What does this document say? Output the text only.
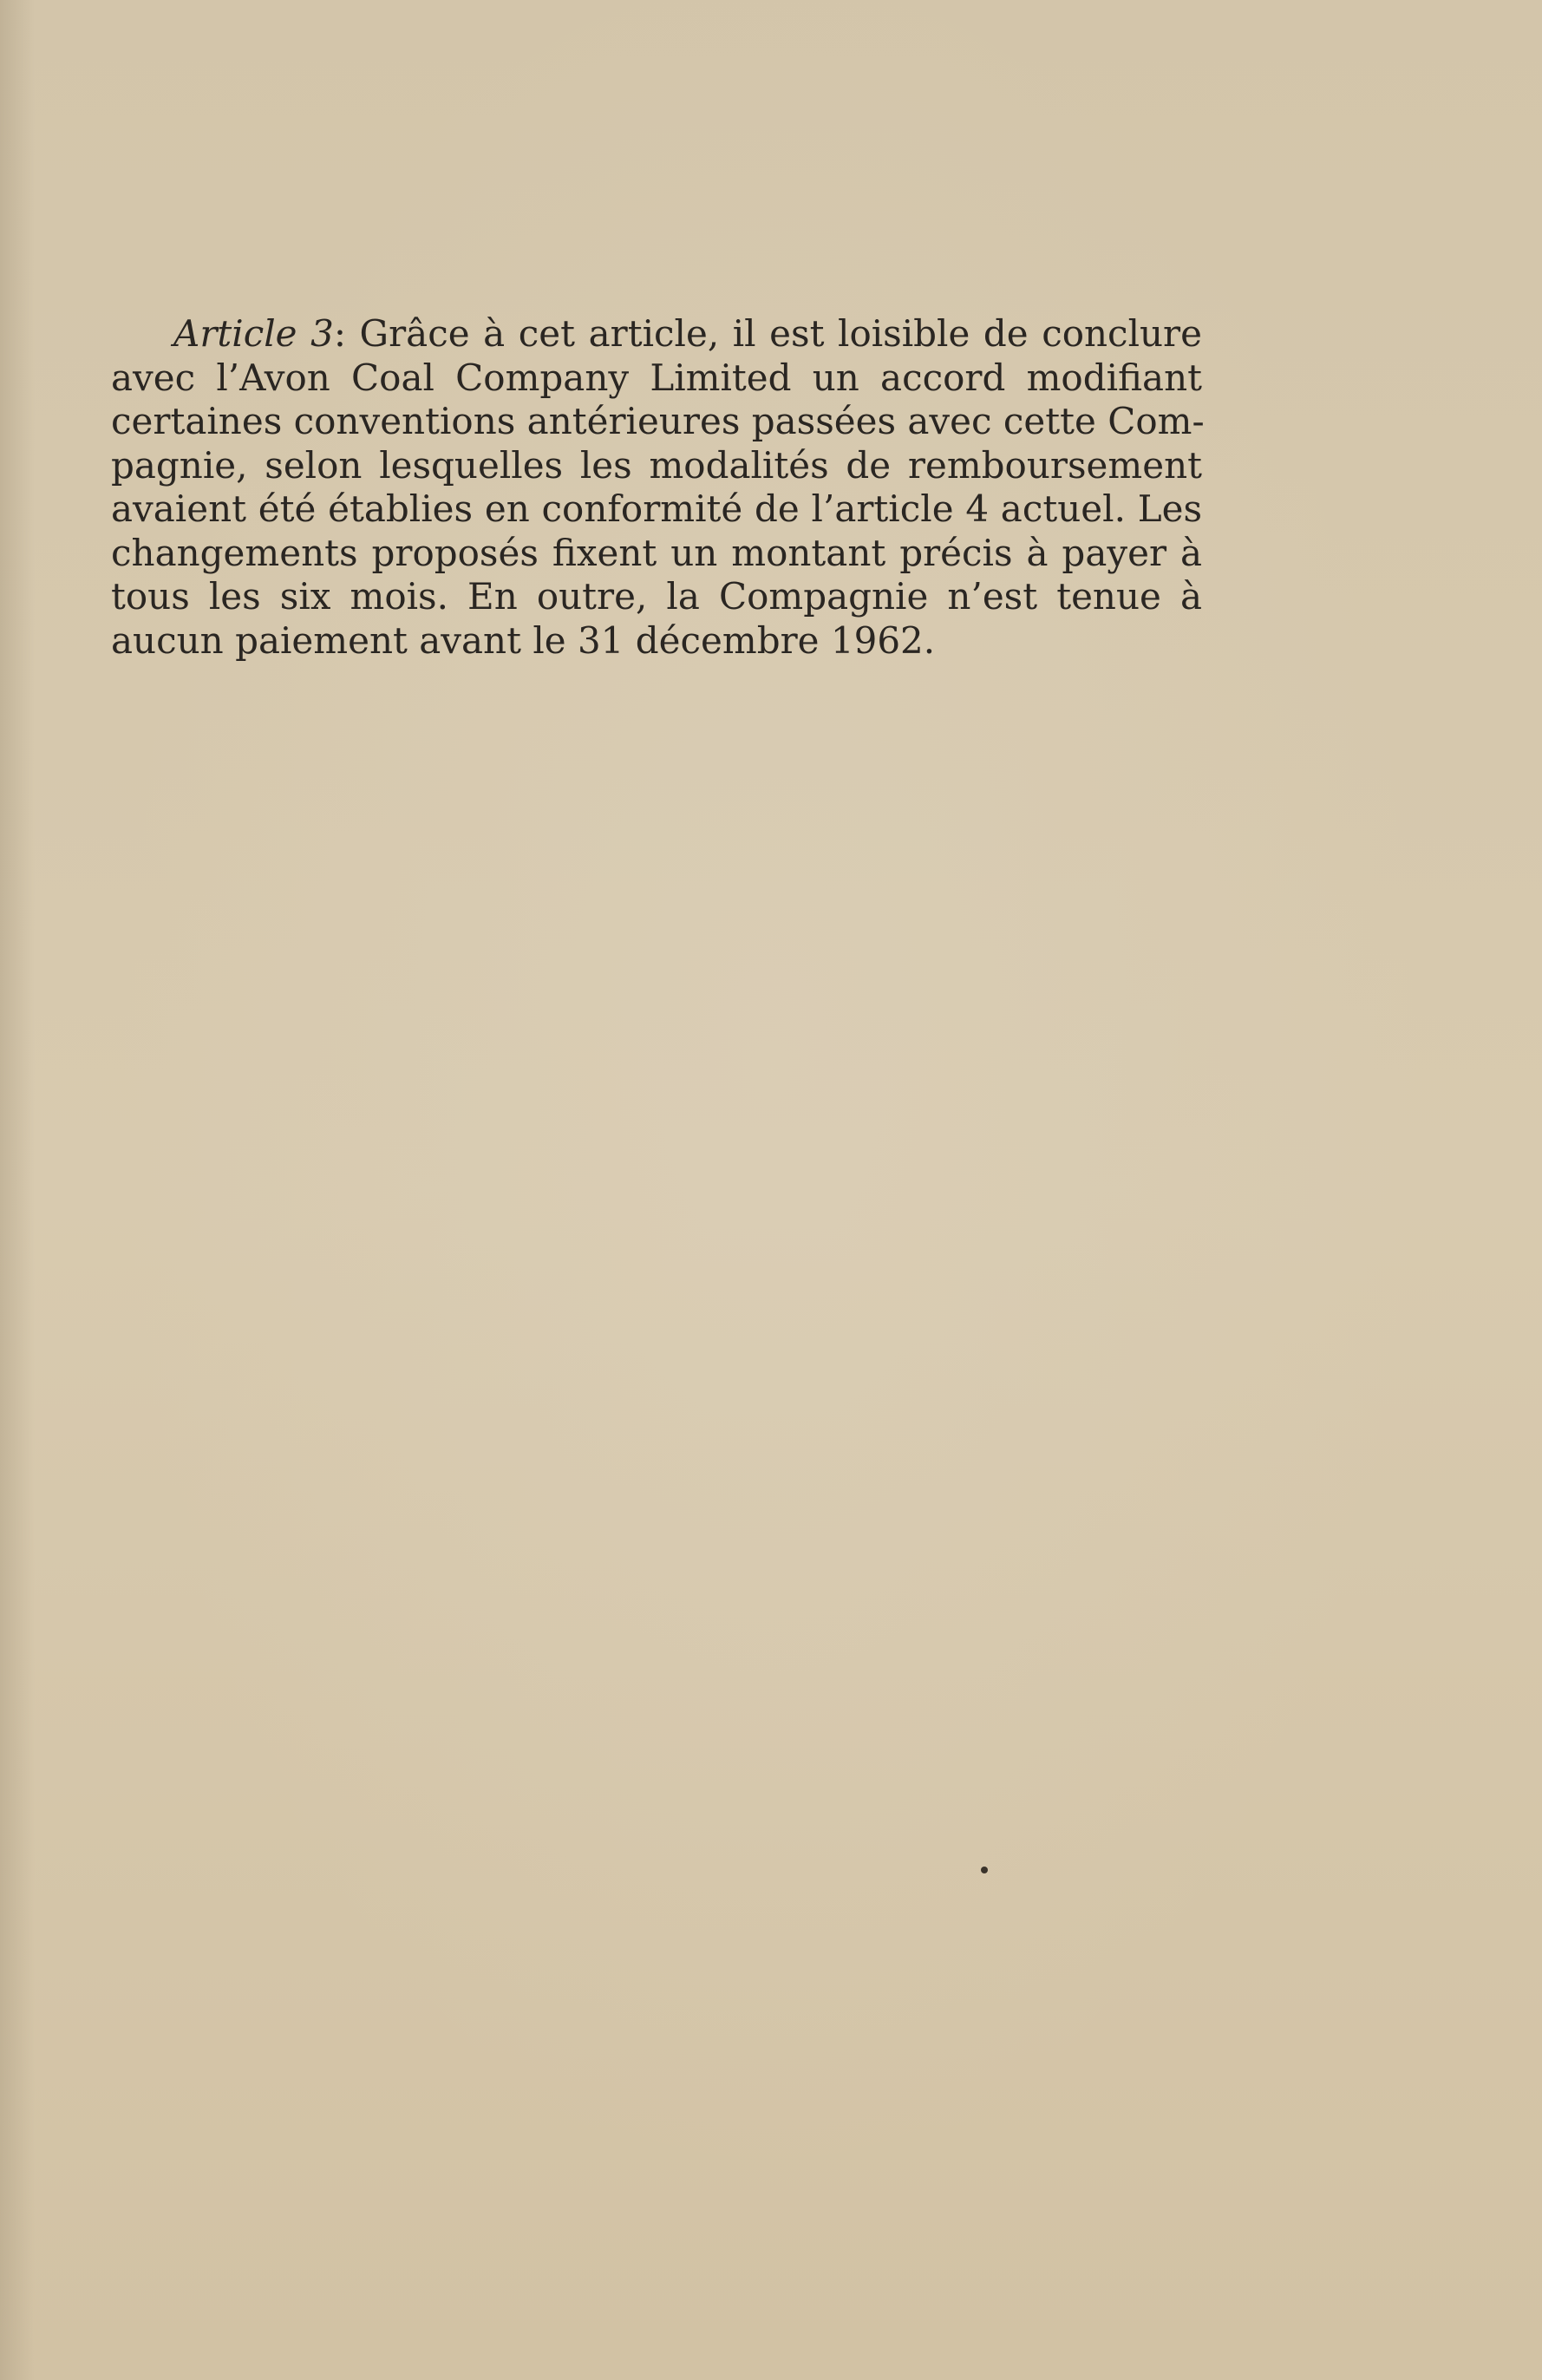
Article 3: Grâce à cet article, il est loisible de conclure
avec l’Avon Coal Company Limited un accord modifiant
certaines conventions antérieures passées avec cette Com-
pagnie, selon lesquelles les modalités de remboursement
avaient été établies en conformité de l’article 4 actuel. Les
changements proposés fixent un montant précis à payer à
tous les six mois. En outre, la Compagnie n’est tenue à
aucun paiement avant le 31 décembre 1962.
